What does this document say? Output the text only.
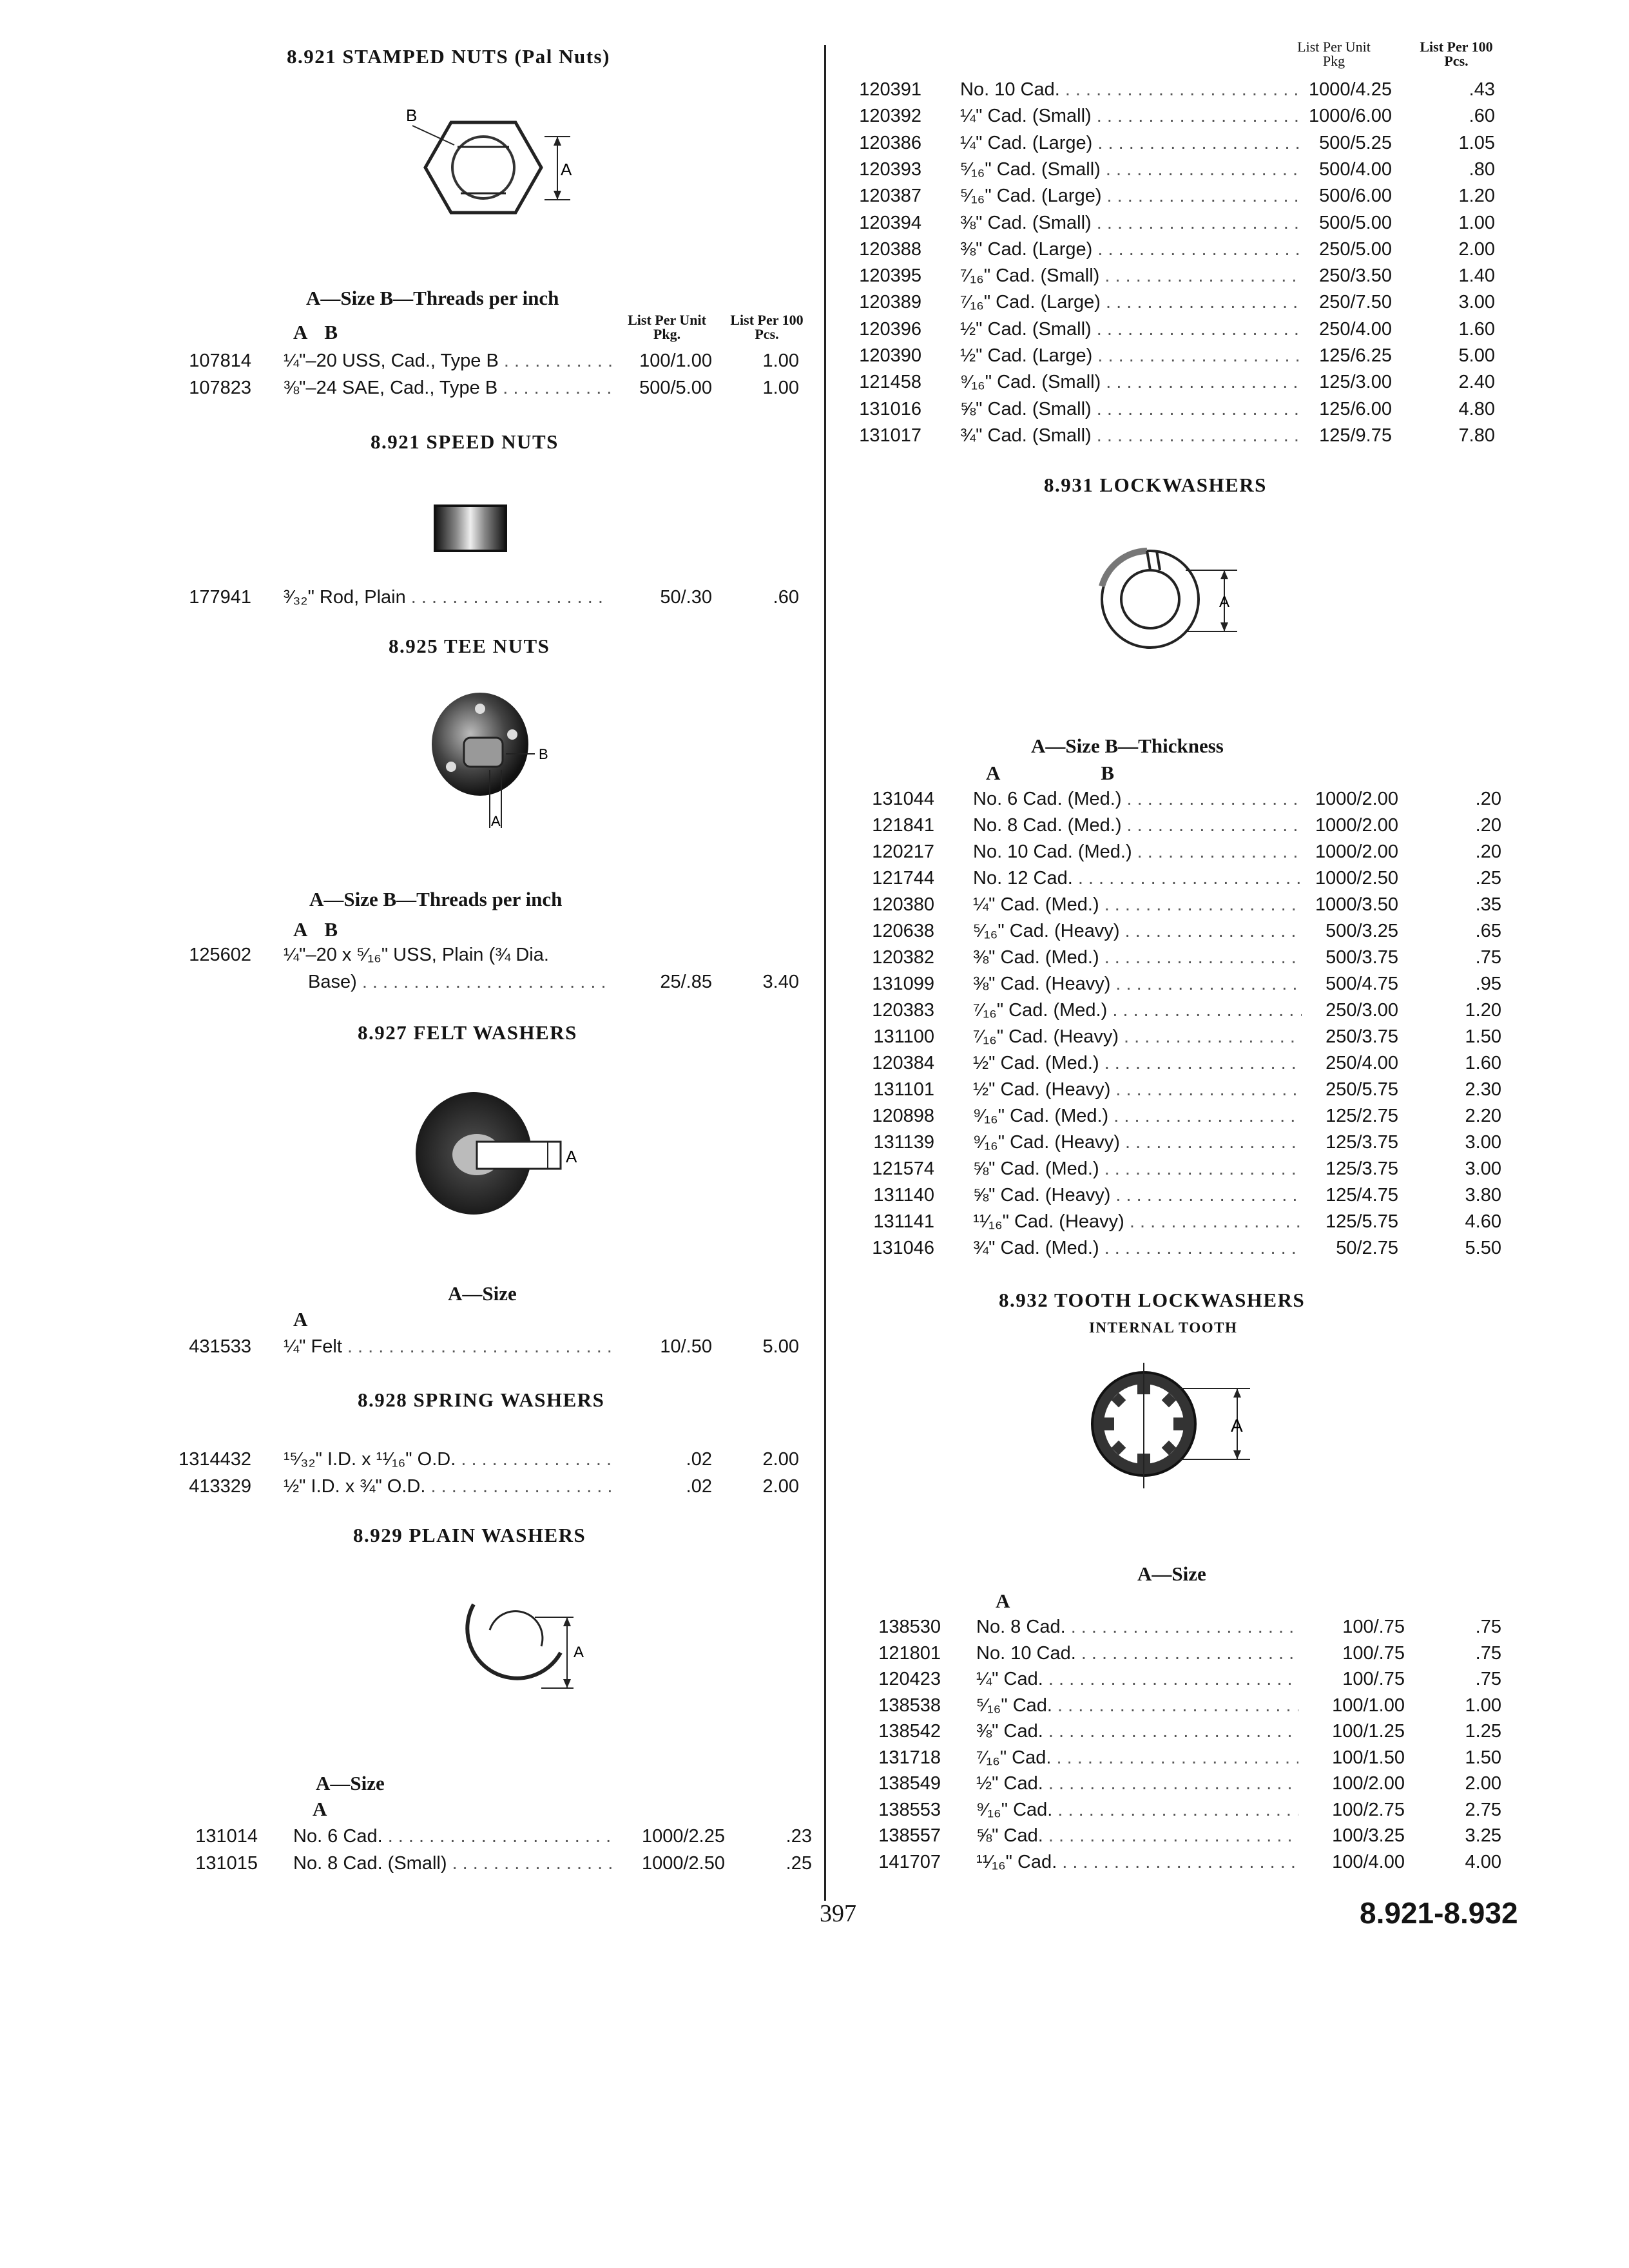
8.921 STAMPED NUTS (Pal Nuts)
B
A
A—Size B—Threads per inch
A B
List Per Unit Pkg.
List Per 100 Pcs.
107814 ¼"–20 USS, Cad., Type B . . .	100/1.00	1.00
107823 ⅜"–24 SAE, Cad., Type B . . .	500/5.00	1.00
8.921 SPEED NUTS
177941 ³⁄₃₂" Rod, Plain . . .	50/.30	.60
8.925 TEE NUTS
B
A
A—Size B—Threads per inch
A B
125602 ¼"–20 x ⁵⁄₁₆" USS, Plain (¾ Dia.
Base) . . .	25/.85	3.40
8.927 FELT WASHERS
A
A—Size
A
431533 ¼" Felt . . .	10/.50	5.00
8.928 SPRING WASHERS
1314432 ¹⁵⁄₃₂" I.D. x ¹¹⁄₁₆" O.D. . . .	.02	2.00
413329 ½" I.D. x ¾" O.D. . . .	.02	2.00
8.929 PLAIN WASHERS
A
A—Size
A
131014 No. 6 Cad. . . .	1000/2.25	.23
131015 No. 8 Cad. (Small) . . .	1000/2.50	.25
List Per Unit Pkg
List Per 100 Pcs.
120391 No. 10 Cad. . . .	1000/4.25	.43
120392 ¼" Cad. (Small) . . .	1000/6.00	.60
120386 ¼" Cad. (Large) . . .	500/5.25	1.05
120393 ⁵⁄₁₆" Cad. (Small) . . .	500/4.00	.80
120387 ⁵⁄₁₆" Cad. (Large) . . .	500/6.00	1.20
120394 ⅜" Cad. (Small) . . .	500/5.00	1.00
120388 ⅜" Cad. (Large) . . .	250/5.00	2.00
120395 ⁷⁄₁₆" Cad. (Small) . . .	250/3.50	1.40
120389 ⁷⁄₁₆" Cad. (Large) . . .	250/7.50	3.00
120396 ½" Cad. (Small) . . .	250/4.00	1.60
120390 ½" Cad. (Large) . . .	125/6.25	5.00
121458 ⁹⁄₁₆" Cad. (Small) . . .	125/3.00	2.40
131016 ⅝" Cad. (Small) . . .	125/6.00	4.80
131017 ¾" Cad. (Small) . . .	125/9.75	7.80
8.931 LOCKWASHERS
A
A—Size B—Thickness
A B
131044 No. 6 Cad. (Med.) . . .	1000/2.00	.20
121841 No. 8 Cad. (Med.) . . .	1000/2.00	.20
120217 No. 10 Cad. (Med.) . . .	1000/2.00	.20
121744 No. 12 Cad. . . .	1000/2.50	.25
120380 ¼" Cad. (Med.) . . .	1000/3.50	.35
120638 ⁵⁄₁₆" Cad. (Heavy) . . .	500/3.25	.65
120382 ⅜" Cad. (Med.) . . .	500/3.75	.75
131099 ⅜" Cad. (Heavy) . . .	500/4.75	.95
120383 ⁷⁄₁₆" Cad. (Med.) . . .	250/3.00	1.20
131100 ⁷⁄₁₆" Cad. (Heavy) . . .	250/3.75	1.50
120384 ½" Cad. (Med.) . . .	250/4.00	1.60
131101 ½" Cad. (Heavy) . . .	250/5.75	2.30
120898 ⁹⁄₁₆" Cad. (Med.) . . .	125/2.75	2.20
131139 ⁹⁄₁₆" Cad. (Heavy) . . .	125/3.75	3.00
121574 ⅝" Cad. (Med.) . . .	125/3.75	3.00
131140 ⅝" Cad. (Heavy) . . .	125/4.75	3.80
131141 ¹¹⁄₁₆" Cad. (Heavy) . . .	125/5.75	4.60
131046 ¾" Cad. (Med.) . . .	50/2.75	5.50
8.932 TOOTH LOCKWASHERS
INTERNAL TOOTH
A
A—Size
A
138530 No. 8 Cad. . . .	100/.75	.75
121801 No. 10 Cad. . . .	100/.75	.75
120423 ¼" Cad. . . .	100/.75	.75
138538 ⁵⁄₁₆" Cad. . . .	100/1.00	1.00
138542 ⅜" Cad. . . .	100/1.25	1.25
131718 ⁷⁄₁₆" Cad. . . .	100/1.50	1.50
138549 ½" Cad. . . .	100/2.00	2.00
138553 ⁹⁄₁₆" Cad. . . .	100/2.75	2.75
138557 ⅝" Cad. . . .	100/3.25	3.25
141707 ¹¹⁄₁₆" Cad. . . .	100/4.00	4.00
397	8.921-8.932
